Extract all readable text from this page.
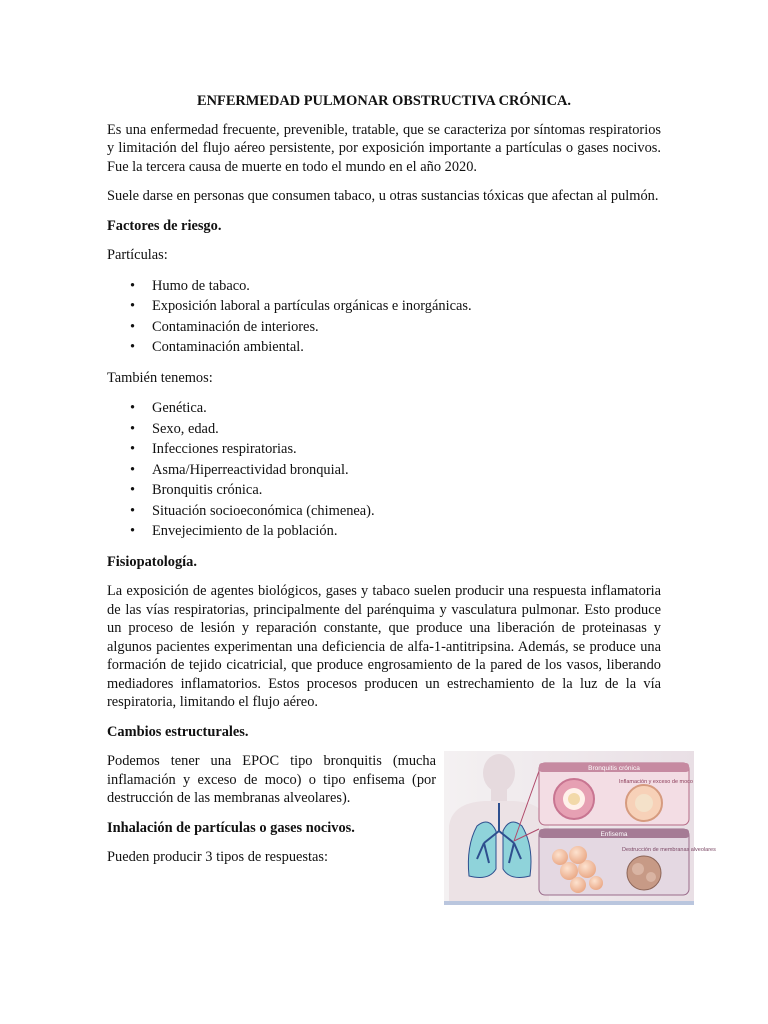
ENFERMEDAD PULMONAR OBSTRUCTIVA CRÓNICA.

Es una enfermedad frecuente, prevenible, tratable, que se caracteriza por síntomas respiratorios y limitación del flujo aéreo persistente, por exposición importante a partículas o gases nocivos. Fue la tercera causa de muerte en todo el mundo en el año 2020.

Suele darse en personas que consumen tabaco, u otras sustancias tóxicas que afectan al pulmón.

Factores de riesgo.

Partículas:

• Humo de tabaco.
• Exposición laboral a partículas orgánicas e inorgánicas.
• Contaminación de interiores.
• Contaminación ambiental.

También tenemos:

• Genética.
• Sexo, edad.
• Infecciones respiratorias.
• Asma/Hiperreactividad bronquial.
• Bronquitis crónica.
• Situación socioeconómica (chimenea).
• Envejecimiento de la población.
Fisiopatología.

La exposición de agentes biológicos, gases y tabaco suelen producir una respuesta inflamatoria de las vías respiratorias, principalmente del parénquima y vasculatura pulmonar. Esto produce un proceso de lesión y reparación constante, que produce una liberación de proteinasas y algunos pacientes experimentan una deficiencia de alfa-1-antitripsina. Además, se produce una formación de tejido cicatricial, que produce engrosamiento de la pared de los vasos, liberando mediadores inflamatorios. Estos procesos producen un estrechamiento de la luz de la vía respiratoria, limitando el flujo aéreo.

Cambios estructurales.

Podemos tener una EPOC tipo bronquitis (mucha inflamación y exceso de moco) o tipo enfisema (por destrucción de las membranas alveolares).

Inhalación de partículas o gases nocivos.

Pueden producir 3 tipos de respuestas:

Bronquitis crónica
Inflamación y exceso de moco
Enfisema
Destrucción de membranas alveolares
